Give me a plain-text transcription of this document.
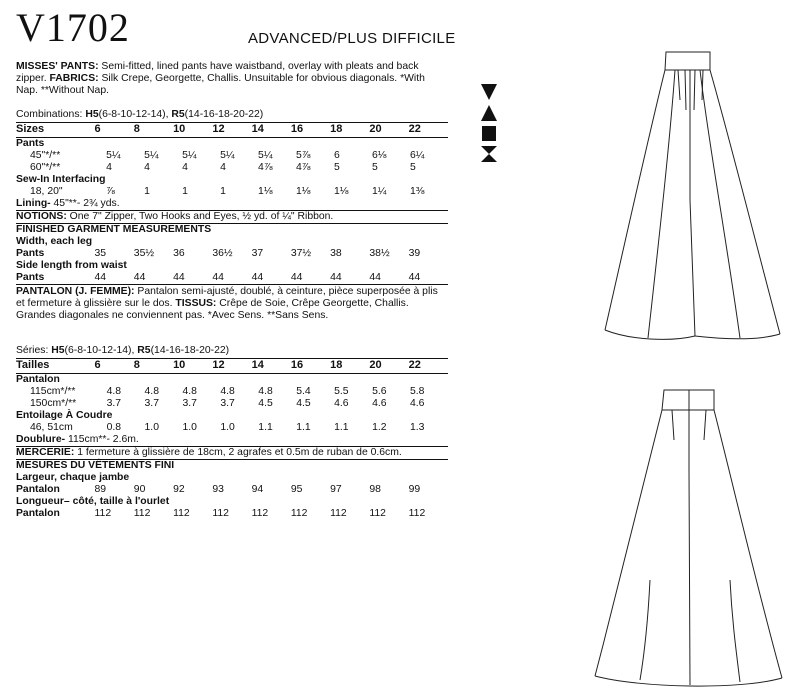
V1702	ADVANCED/PLUS DIFFICILE
MISSES' PANTS: Semi-fitted, lined pants have waistband, overlay with pleats and back zipper. FABRICS: Silk Crepe, Georgette, Challis. Unsuitable for obvious diagonals. *With Nap. **Without Nap.
Combinations: H5(6-8-10-12-14), R5(14-16-18-20-22)
Sizes	6	8	10	12	14	16	18	20	22
Pants									
45"*/**	5¼	5¼	5¼	5¼	5¼	5⅞	6	6⅛	6¼
60"*/**	4	4	4	4	4⅞	4⅞	5	5	5
Sew-In Interfacing									
18, 20"	⅞	1	1	1	1⅛	1⅛	1⅛	1¼	1⅜
Lining- 45"**- 2¾ yds.
NOTIONS: One 7" Zipper, Two Hooks and Eyes, ½ yd. of ¼" Ribbon.
FINISHED GARMENT MEASUREMENTS									
Width, each leg									
Pants	35	35½	36	36½	37	37½	38	38½	39
Side length from waist									
Pants	44	44	44	44	44	44	44	44	44
PANTALON (J. FEMME): Pantalon semi-ajusté, doublé, à ceinture, pièce superposée à plis et fermeture à glissière sur le dos. TISSUS: Crêpe de Soie, Crêpe Georgette, Challis. Grandes diagonales ne conviennent pas. *Avec Sens. **Sans Sens.
Séries: H5(6-8-10-12-14), R5(14-16-18-20-22)
Tailles	6	8	10	12	14	16	18	20	22
Pantalon									
115cm*/**	4.8	4.8	4.8	4.8	4.8	5.4	5.5	5.6	5.8
150cm*/**	3.7	3.7	3.7	3.7	4.5	4.5	4.6	4.6	4.6
Entoilage À Coudre									
46, 51cm	0.8	1.0	1.0	1.0	1.1	1.1	1.1	1.2	1.3
Doublure- 115cm**- 2.6m.
MERCERIE: 1 fermeture à glissière de 18cm, 2 agrafes et 0.5m de ruban de 0.6cm.
MESURES DU VÊTEMENTS FINI									
Largeur, chaque jambe									
Pantalon	89	90	92	93	94	95	97	98	99
Longueur– côté, taille à l'ourlet									
Pantalon	112	112	112	112	112	112	112	112	112
